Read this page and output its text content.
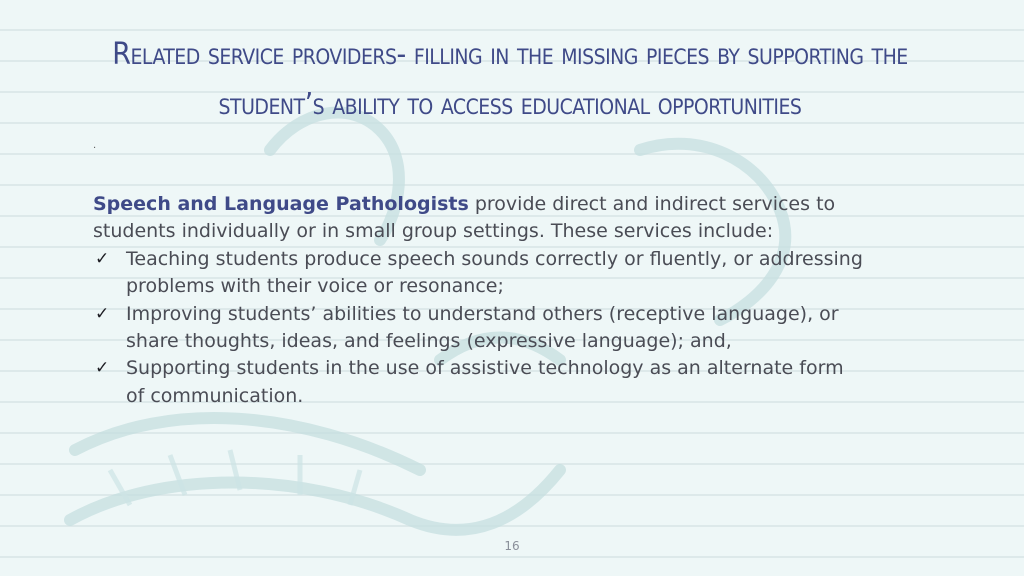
Related service providers- filling in the missing pieces by supporting the student’s ability to access educational opportunities
·

Speech and Language Pathologists provide direct and indirect services to students individually or in small group settings. These services include:

✓ Teaching students produce speech sounds correctly or fluently, or addressing problems with their voice or resonance;
✓ Improving students’ abilities to understand others (receptive language), or share thoughts, ideas, and feelings (expressive language); and,
✓ Supporting students in the use of assistive technology as an alternate form of communication.
16
